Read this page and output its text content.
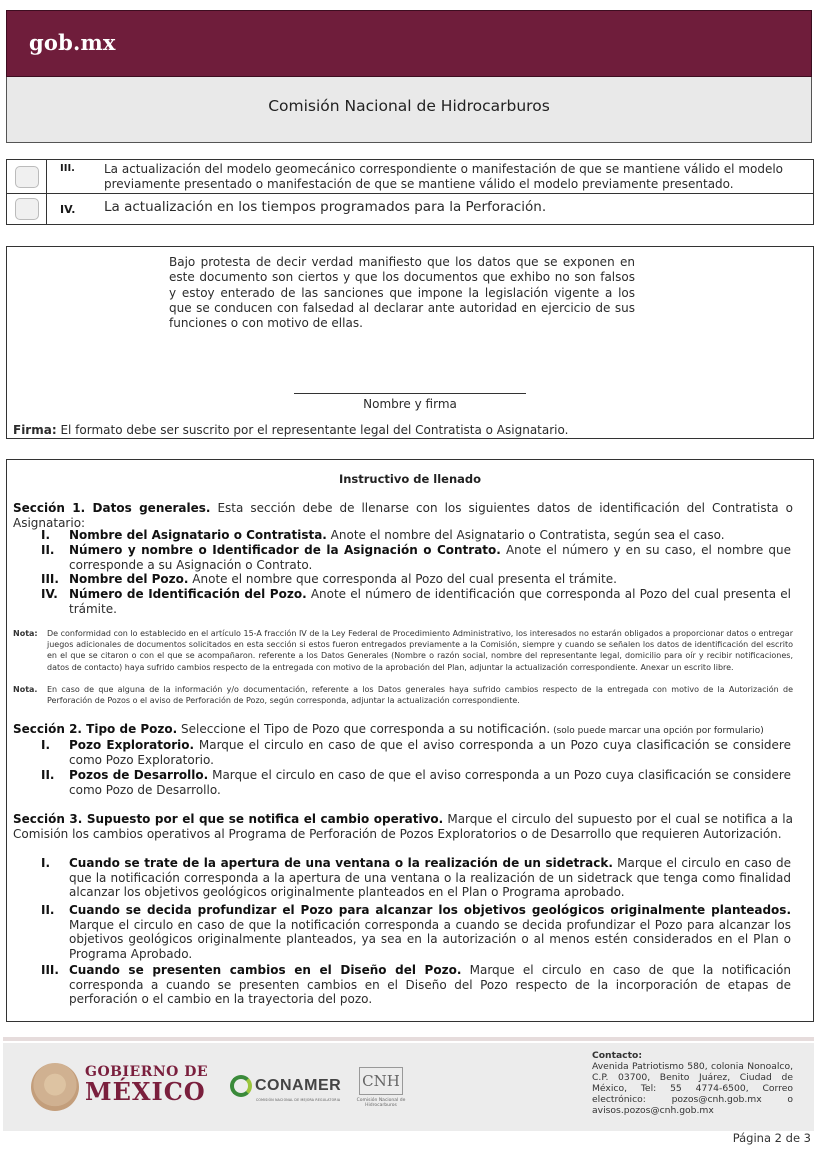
gob.mx
Comisión Nacional de Hidrocarburos
III.	La actualización del modelo geomecánico correspondiente o manifestación de que se mantiene válido el modelo previamente presentado o manifestación de que se mantiene válido el modelo previamente presentado.
IV.	La actualización en los tiempos programados para la Perforación.
Bajo protesta de decir verdad manifiesto que los datos que se exponen en este documento son ciertos y que los documentos que exhibo no son falsos y estoy enterado de las sanciones que impone la legislación vigente a los que se conducen con falsedad al declarar ante autoridad en ejercicio de sus funciones o con motivo de ellas.
Nombre y firma
Firma: El formato debe ser suscrito por el representante legal del Contratista o Asignatario.
Instructivo de llenado
Sección 1. Datos generales. Esta sección debe de llenarse con los siguientes datos de identificación del Contratista o Asignatario:
I. Nombre del Asignatario o Contratista. Anote el nombre del Asignatario o Contratista, según sea el caso.
II. Número y nombre o Identificador de la Asignación o Contrato. Anote el número y en su caso, el nombre que corresponde a su Asignación o Contrato.
III. Nombre del Pozo. Anote el nombre que corresponda al Pozo del cual presenta el trámite.
IV. Número de Identificación del Pozo. Anote el número de identificación que corresponda al Pozo del cual presenta el trámite.
Nota: De conformidad con lo establecido en el artículo 15-A fracción IV de la Ley Federal de Procedimiento Administrativo, los interesados no estarán obligados a proporcionar datos o entregar juegos adicionales de documentos solicitados en esta sección si estos fueron entregados previamente a la Comisión, siempre y cuando se señalen los datos de identificación del escrito en el que se citaron o con el que se acompañaron. referente a los Datos Generales (Nombre o razón social, nombre del representante legal, domicilio para oír y recibir notificaciones, datos de contacto) haya sufrido cambios respecto de la entregada con motivo de la aprobación del Plan, adjuntar la actualización correspondiente. Anexar un escrito libre.
Nota. En caso de que alguna de la información y/o documentación, referente a los Datos generales haya sufrido cambios respecto de la entregada con motivo de la Autorización de Perforación de Pozos o el aviso de Perforación de Pozo, según corresponda, adjuntar la actualización correspondiente.
Sección 2. Tipo de Pozo. Seleccione el Tipo de Pozo que corresponda a su notificación. (solo puede marcar una opción por formulario)
I. Pozo Exploratorio. Marque el circulo en caso de que el aviso corresponda a un Pozo cuya clasificación se considere como Pozo Exploratorio.
II. Pozos de Desarrollo. Marque el circulo en caso de que el aviso corresponda a un Pozo cuya clasificación se considere como Pozo de Desarrollo.
Sección 3. Supuesto por el que se notifica el cambio operativo. Marque el circulo del supuesto por el cual se notifica a la Comisión los cambios operativos al Programa de Perforación de Pozos Exploratorios o de Desarrollo que requieren Autorización.
I. Cuando se trate de la apertura de una ventana o la realización de un sidetrack. Marque el circulo en caso de que la notificación corresponda a la apertura de una ventana o la realización de un sidetrack que tenga como finalidad alcanzar los objetivos geológicos originalmente planteados en el Plan o Programa aprobado.
II. Cuando se decida profundizar el Pozo para alcanzar los objetivos geológicos originalmente planteados. Marque el circulo en caso de que la notificación corresponda a cuando se decida profundizar el Pozo para alcanzar los objetivos geológicos originalmente planteados, ya sea en la autorización o al menos estén considerados en el Plan o Programa Aprobado.
III. Cuando se presenten cambios en el Diseño del Pozo. Marque el circulo en caso de que la notificación corresponda a cuando se presenten cambios en el Diseño del Pozo respecto de la incorporación de etapas de perforación o el cambio en la trayectoria del pozo.
GOBIERNO DE
MÉXICO	CONAMER
COMISIÓN NACIONAL DE MEJORA REGULATORIA
CNH
Comisión Nacional de Hidrocarburos
Contacto:
Avenida Patriotismo 580, colonia Nonoalco, C.P. 03700, Benito Juárez, Ciudad de México, Tel: 55 4774-6500, Correo electrónico: pozos@cnh.gob.mx o avisos.pozos@cnh.gob.mx
Página 2 de 3
